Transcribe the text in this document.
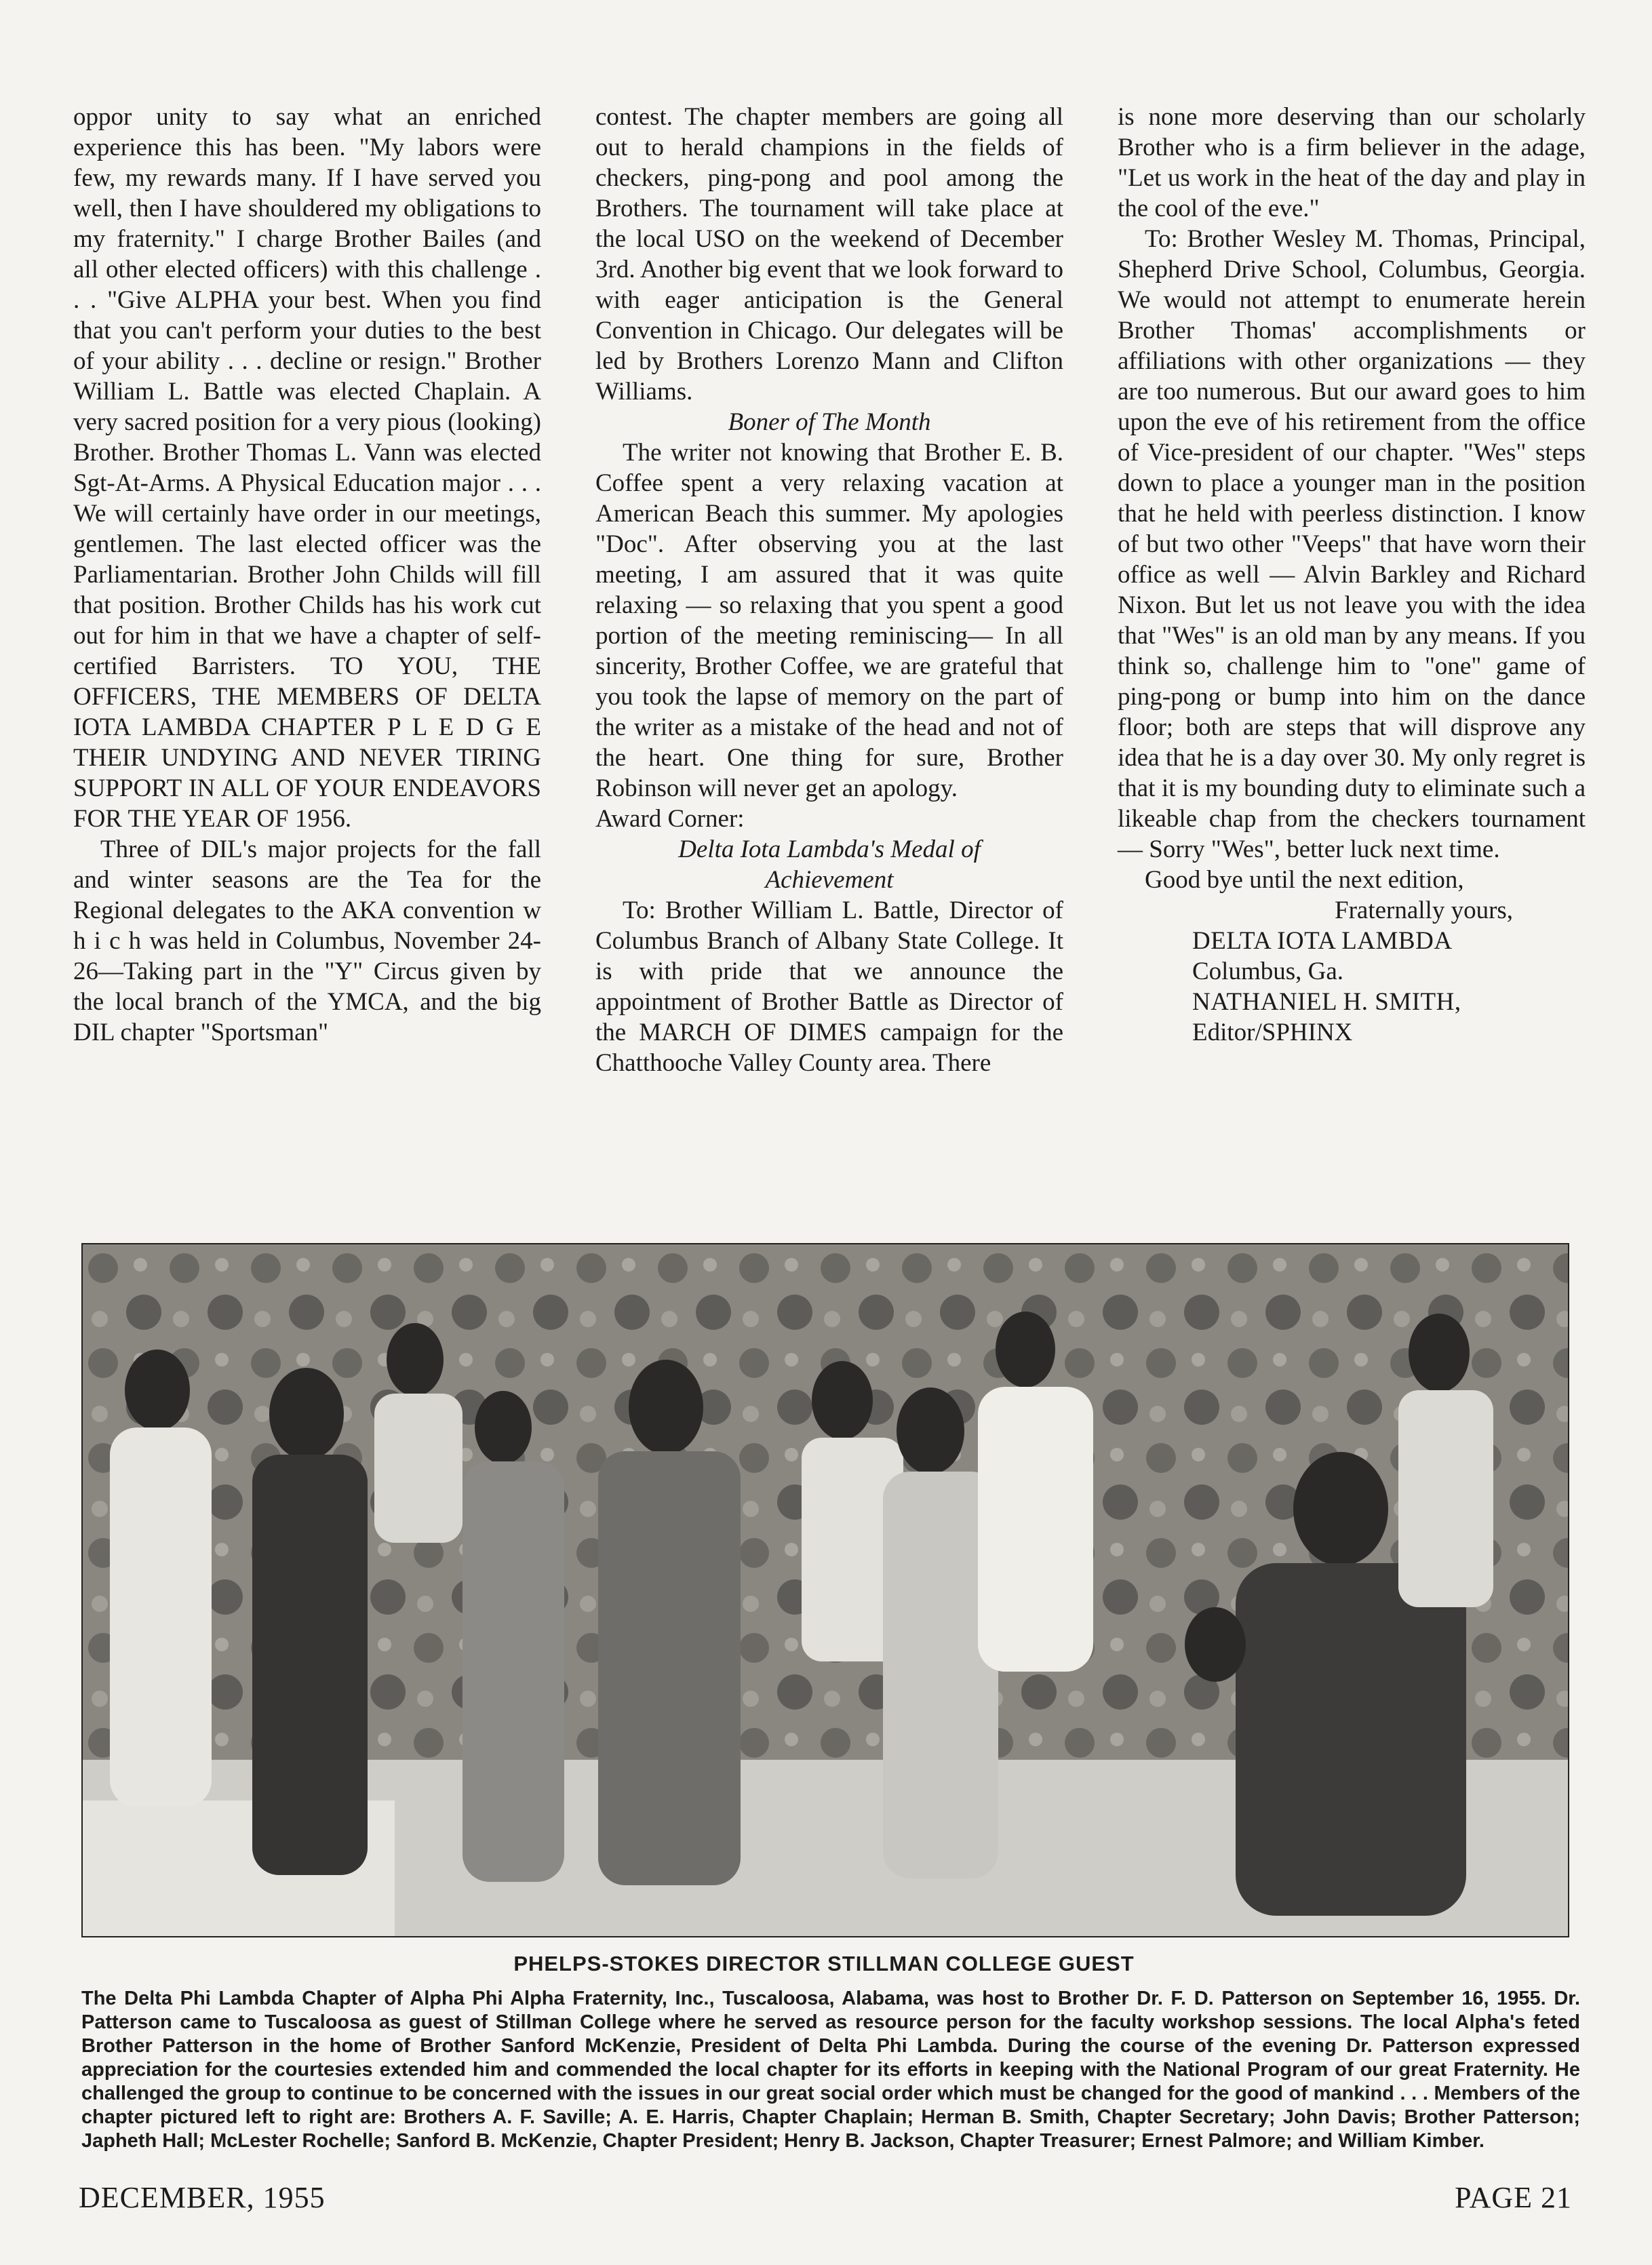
oppor unity to say what an enriched experience this has been. "My labors were few, my rewards many. If I have served you well, then I have shouldered my obligations to my fraternity." I charge Brother Bailes (and all other elected officers) with this challenge . . . "Give ALPHA your best. When you find that you can't perform your duties to the best of your ability . . . decline or resign." Brother William L. Battle was elected Chaplain. A very sacred position for a very pious (looking) Brother. Brother Thomas L. Vann was elected Sgt-At-Arms. A Physical Education major . . . We will certainly have order in our meetings, gentlemen. The last elected officer was the Parliamentarian. Brother John Childs will fill that position. Brother Childs has his work cut out for him in that we have a chapter of self-certified Barristers. TO YOU, THE OFFICERS, THE MEMBERS OF DELTA IOTA LAMBDA CHAPTER P L E D G E THEIR UNDYING AND NEVER TIRING SUPPORT IN ALL OF YOUR ENDEAVORS FOR THE YEAR OF 1956.

Three of DIL's major projects for the fall and winter seasons are the Tea for the Regional delegates to the AKA convention w h i c h was held in Columbus, November 24-26—Taking part in the "Y" Circus given by the local branch of the YMCA, and the big DIL chapter "Sportsman"

contest. The chapter members are going all out to herald champions in the fields of checkers, ping-pong and pool among the Brothers. The tournament will take place at the local USO on the weekend of December 3rd. Another big event that we look forward to with eager anticipation is the General Convention in Chicago. Our delegates will be led by Brothers Lorenzo Mann and Clifton Williams.

Boner of The Month

The writer not knowing that Brother E. B. Coffee spent a very relaxing vacation at American Beach this summer. My apologies "Doc". After observing you at the last meeting, I am assured that it was quite relaxing — so relaxing that you spent a good portion of the meeting reminiscing— In all sincerity, Brother Coffee, we are grateful that you took the lapse of memory on the part of the writer as a mistake of the head and not of the heart. One thing for sure, Brother Robinson will never get an apology.

Award Corner:

Delta Iota Lambda's Medal of

Achievement

To: Brother William L. Battle, Director of Columbus Branch of Albany State College. It is with pride that we announce the appointment of Brother Battle as Director of the MARCH OF DIMES campaign for the Chatthooche Valley County area. There

is none more deserving than our scholarly Brother who is a firm believer in the adage, "Let us work in the heat of the day and play in the cool of the eve."

To: Brother Wesley M. Thomas, Principal, Shepherd Drive School, Columbus, Georgia. We would not attempt to enumerate herein Brother Thomas' accomplishments or affiliations with other organizations — they are too numerous. But our award goes to him upon the eve of his retirement from the office of Vice-president of our chapter. "Wes" steps down to place a younger man in the position that he held with peerless distinction. I know of but two other "Veeps" that have worn their office as well — Alvin Barkley and Richard Nixon. But let us not leave you with the idea that "Wes" is an old man by any means. If you think so, challenge him to "one" game of ping-pong or bump into him on the dance floor; both are steps that will disprove any idea that he is a day over 30. My only regret is that it is my bounding duty to eliminate such a likeable chap from the checkers tournament — Sorry "Wes", better luck next time.

Good bye until the next edition,

Fraternally yours,
DELTA IOTA LAMBDA
Columbus, Ga.
NATHANIEL H. SMITH,
Editor/SPHINX
PHELPS-STOKES DIRECTOR STILLMAN COLLEGE GUEST
The Delta Phi Lambda Chapter of Alpha Phi Alpha Fraternity, Inc., Tuscaloosa, Alabama, was host to Brother Dr. F. D. Patterson on September 16, 1955. Dr. Patterson came to Tuscaloosa as guest of Stillman College where he served as resource person for the faculty workshop sessions. The local Alpha's feted Brother Patterson in the home of Brother Sanford McKenzie, President of Delta Phi Lambda. During the course of the evening Dr. Patterson expressed appreciation for the courtesies extended him and commended the local chapter for its efforts in keeping with the National Program of our great Fraternity. He challenged the group to continue to be concerned with the issues in our great social order which must be changed for the good of mankind . . . Members of the chapter pictured left to right are: Brothers A. F. Saville; A. E. Harris, Chapter Chaplain; Herman B. Smith, Chapter Secretary; John Davis; Brother Patterson; Japheth Hall; McLester Rochelle; Sanford B. McKenzie, Chapter President; Henry B. Jackson, Chapter Treasurer; Ernest Palmore; and William Kimber.
DECEMBER, 1955	PAGE 21
